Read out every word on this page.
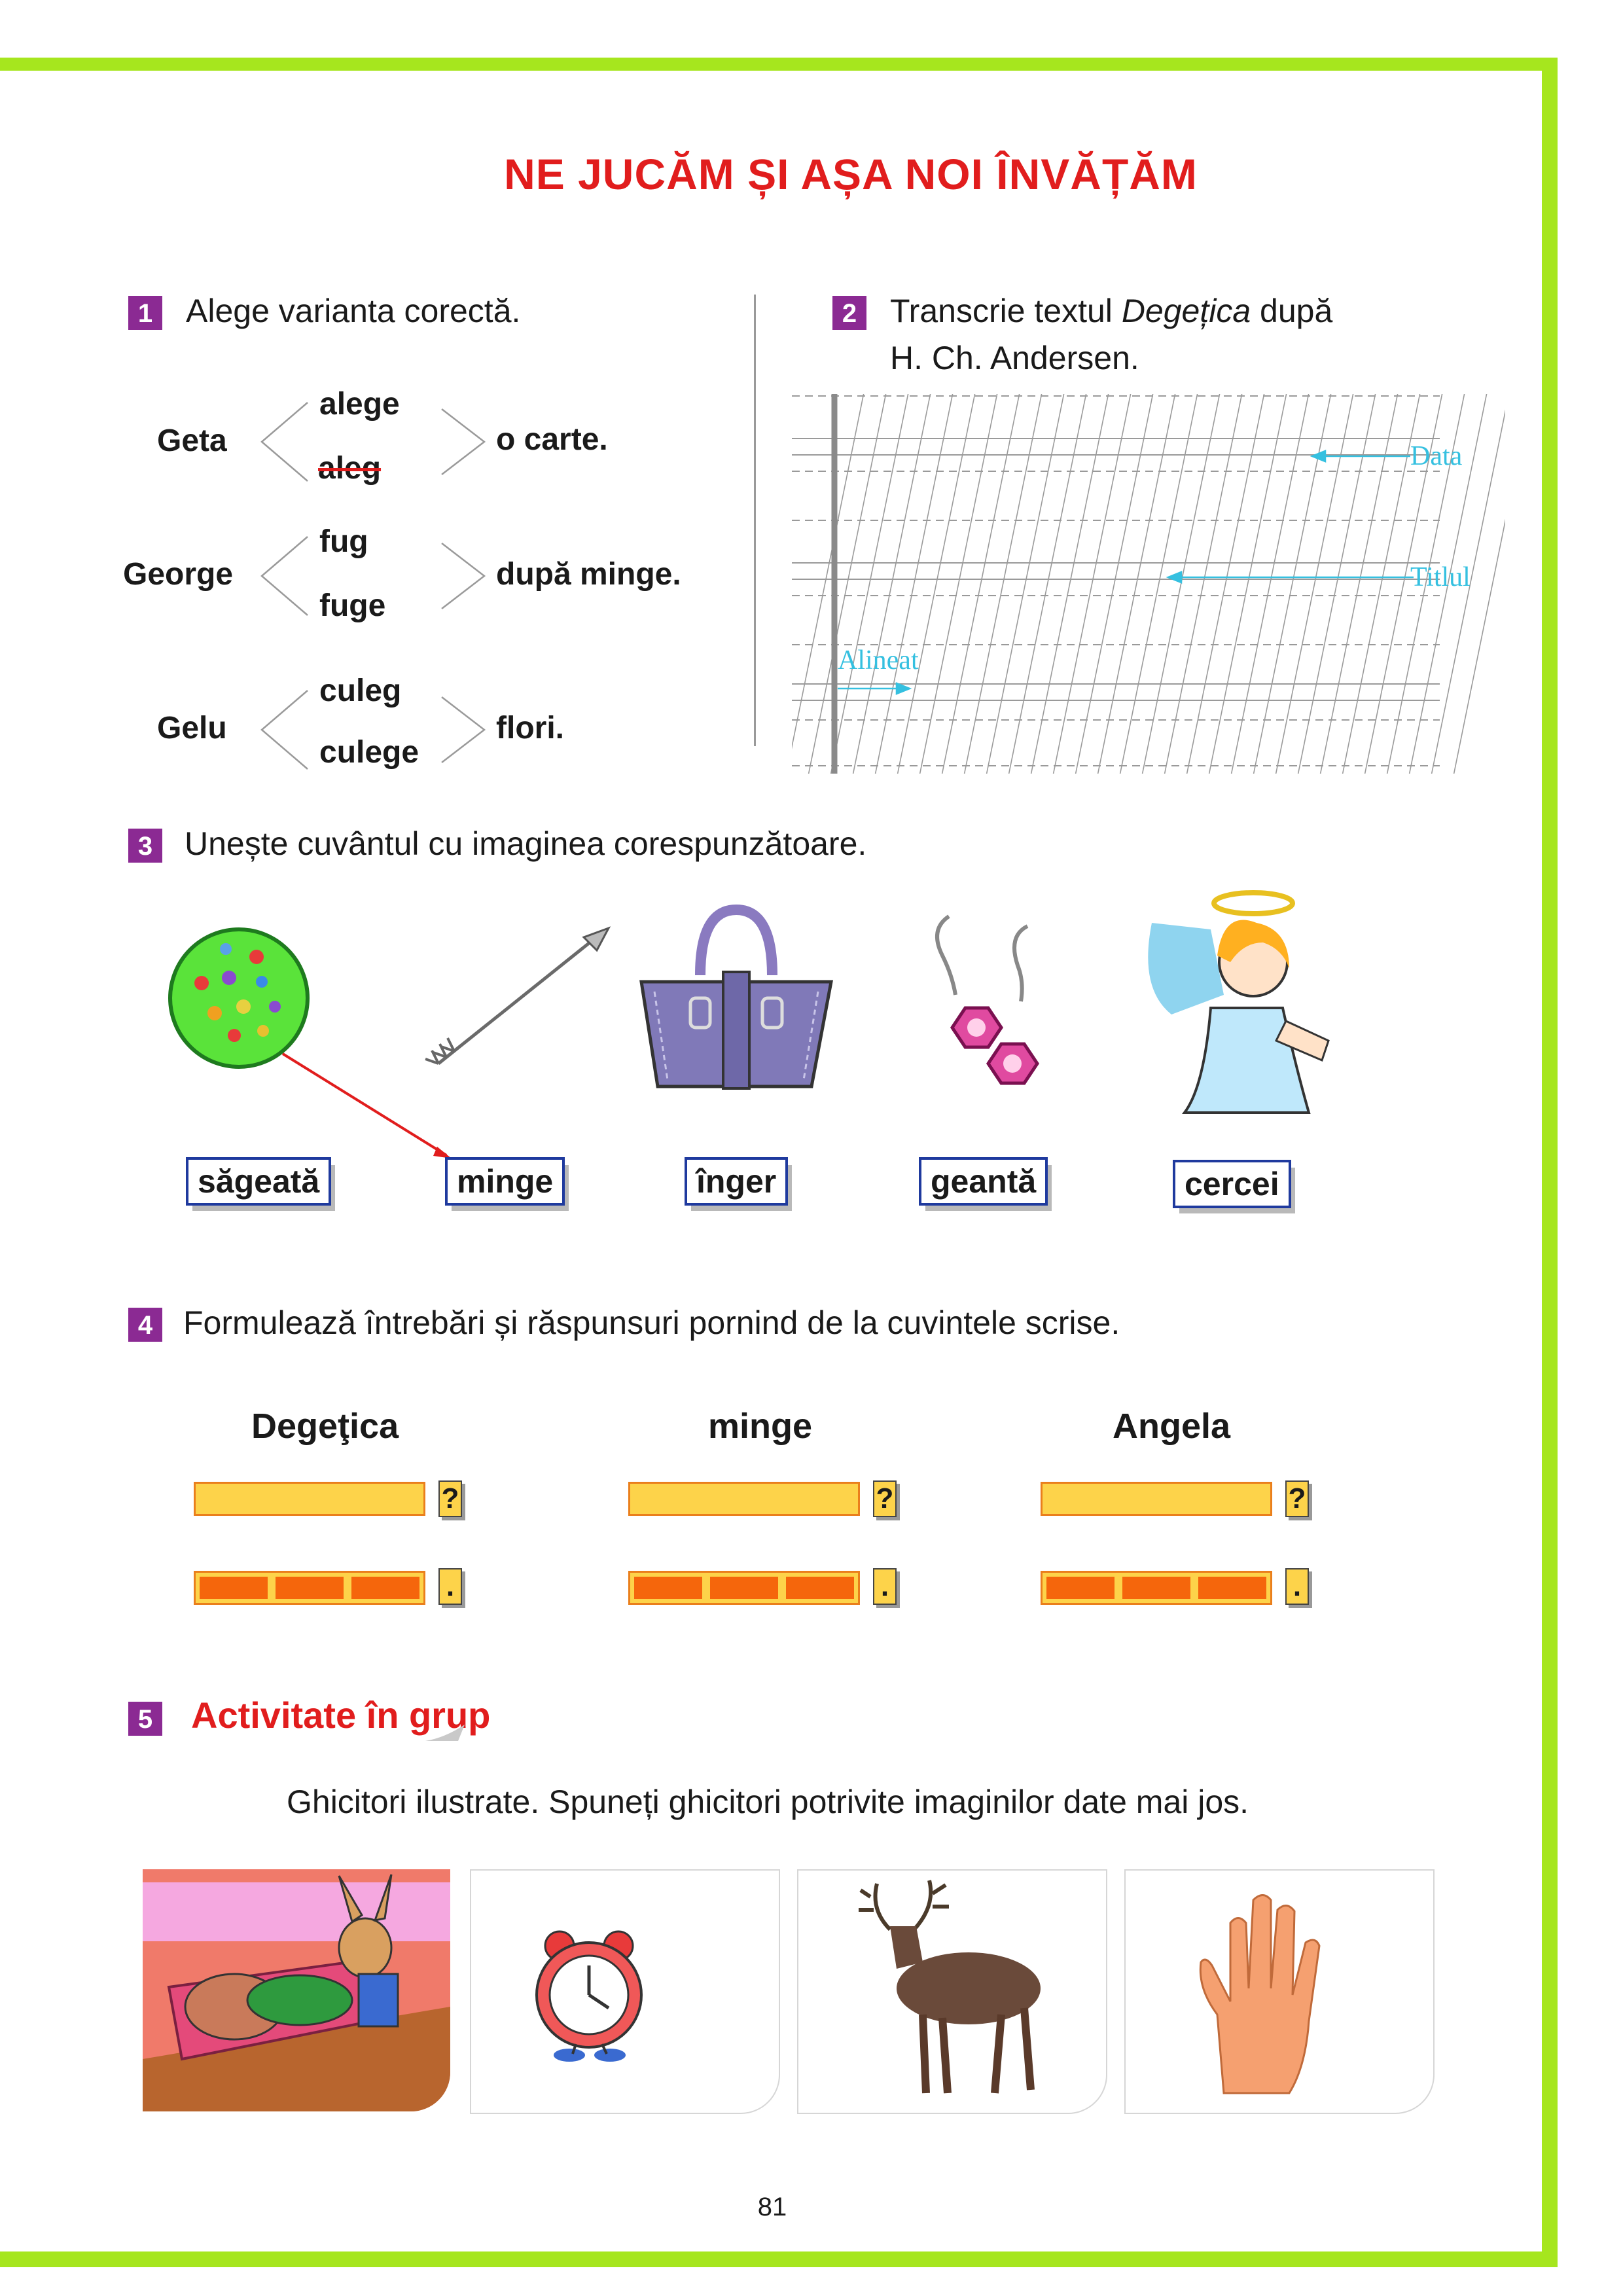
NE JUCĂM ȘI AȘA NOI ÎNVĂȚĂM
1 Alege varianta corectă.
Geta
alege
aleg
o carte.
George
fug
fuge
după minge.
Gelu
culeg
culege
flori.
2 Transcrie textul Degețica după
H. Ch. Andersen.
Data
Titlul
Alineat
3 Unește cuvântul cu imaginea corespunzătoare.
săgeată	minge	înger	geantă	cercei
4 Formulează întrebări și răspunsuri pornind de la cuvintele scrise.
Degeţica	minge	Angela
?	?	?
.	.	.
5 Activitate în grup
Ghicitori ilustrate. Spuneți ghicitori potrivite imaginilor date mai jos.
81
